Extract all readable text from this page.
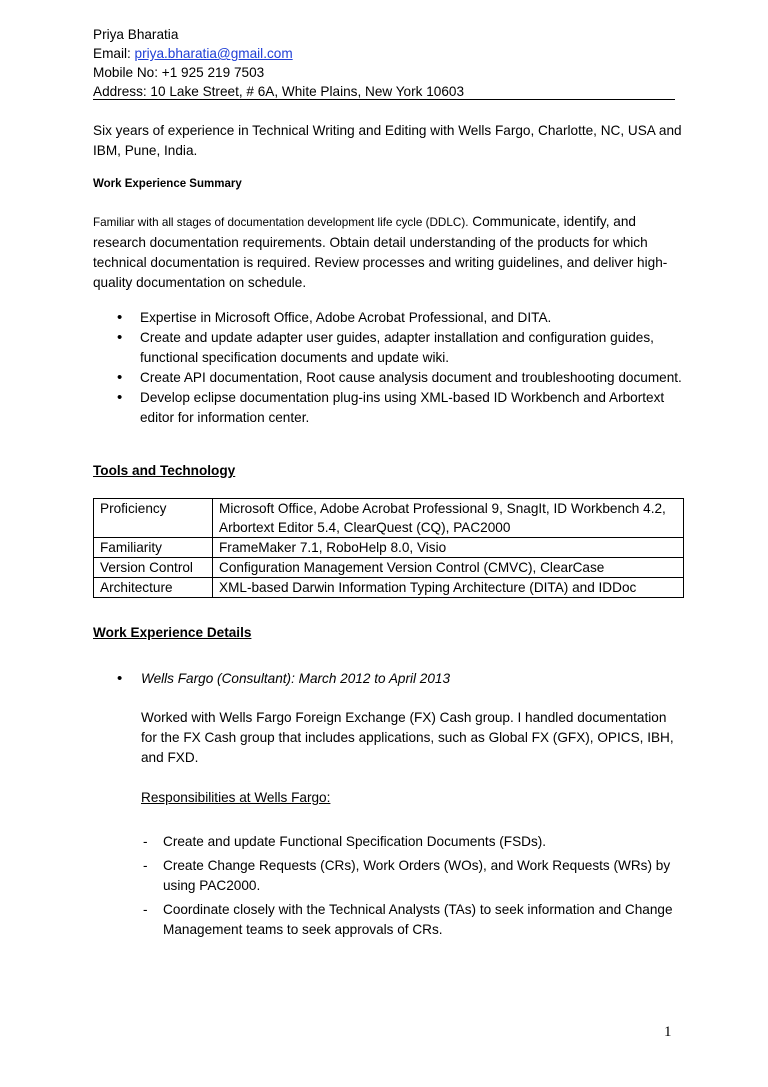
Priya Bharatia
Email: priya.bharatia@gmail.com
Mobile No: +1 925 219 7503
Address: 10 Lake Street, # 6A, White Plains, New York 10603
Six years of experience in Technical Writing and Editing with Wells Fargo, Charlotte, NC, USA and IBM, Pune, India.
Work Experience Summary
Familiar with all stages of documentation development life cycle (DDLC). Communicate, identify, and research documentation requirements. Obtain detail understanding of the products for which technical documentation is required. Review processes and writing guidelines, and deliver high-quality documentation on schedule.
• Expertise in Microsoft Office, Adobe Acrobat Professional, and DITA.
• Create and update adapter user guides, adapter installation and configuration guides, functional specification documents and update wiki.
• Create API documentation, Root cause analysis document and troubleshooting document.
• Develop eclipse documentation plug-ins using XML-based ID Workbench and Arbortext editor for information center.
Tools and Technology
Proficiency	Microsoft Office, Adobe Acrobat Professional 9, SnagIt, ID Workbench 4.2, Arbortext Editor 5.4, ClearQuest (CQ), PAC2000
Familiarity	FrameMaker 7.1, RoboHelp 8.0, Visio
Version Control	Configuration Management Version Control (CMVC), ClearCase
Architecture	XML-based Darwin Information Typing Architecture (DITA) and IDDoc
Work Experience Details
• Wells Fargo (Consultant): March 2012 to April 2013
Worked with Wells Fargo Foreign Exchange (FX) Cash group. I handled documentation for the FX Cash group that includes applications, such as Global FX (GFX), OPICS, IBH, and FXD.
Responsibilities at Wells Fargo:
- Create and update Functional Specification Documents (FSDs).
- Create Change Requests (CRs), Work Orders (WOs), and Work Requests (WRs) by using PAC2000.
- Coordinate closely with the Technical Analysts (TAs) to seek information and Change Management teams to seek approvals of CRs.
1
